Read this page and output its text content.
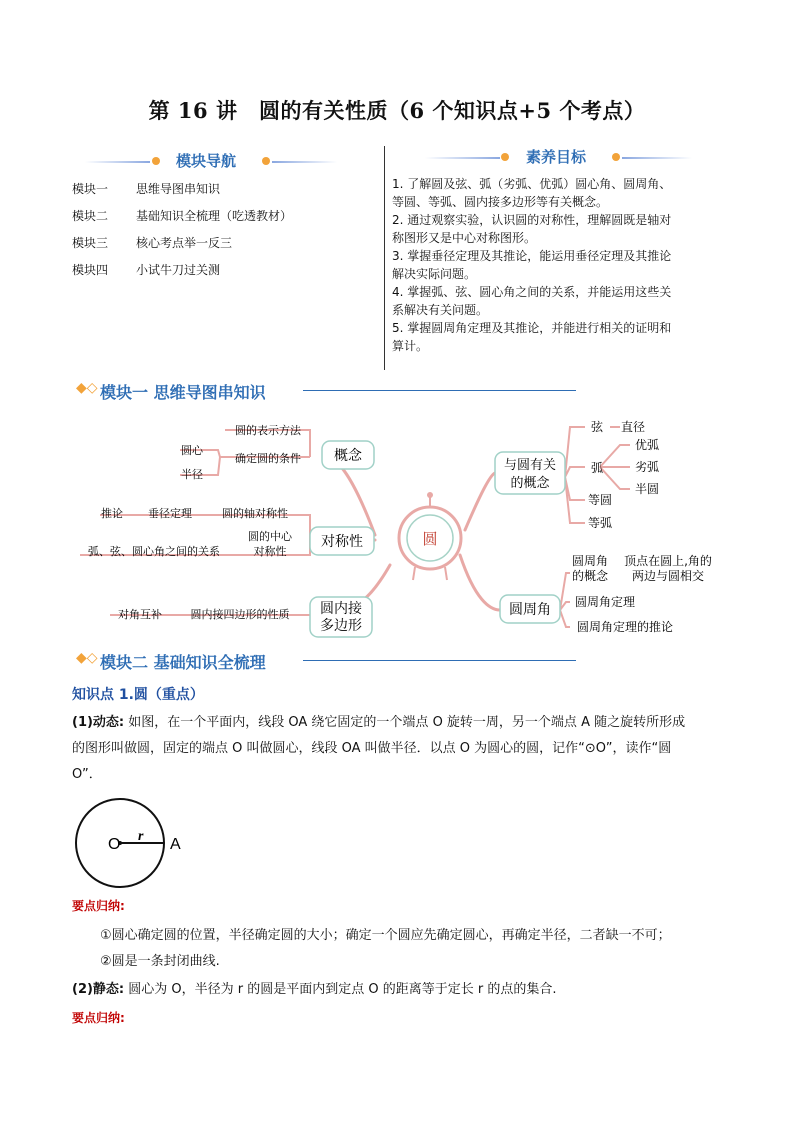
第 16 讲　圆的有关性质（6 个知识点+5 个考点）
模块导航
模块一 思维导图串知识
模块二 基础知识全梳理（吃透教材）
模块三 核心考点举一反三
模块四 小试牛刀过关测
素养目标
1. 了解圆及弦、弧（劣弧、优弧）圆心角、圆周角、
等圆、等弧、圆内接多边形等有关概念。
2. 通过观察实验，认识圆的对称性，理解圆既是轴对
称图形又是中心对称图形。
3. 掌握垂径定理及其推论，能运用垂径定理及其推论
解决实际问题。
4. 掌握弧、弦、圆心角之间的关系，并能运用这些关
系解决有关问题。
5. 掌握圆周角定理及其推论，并能进行相关的证明和
算计。
◆◇ 模块一 思维导图串知识
圆
概念
对称性
圆内接
多边形
圆的表示方法
确定圆的条件
圆心
半径
圆的轴对称性
圆的中心
对称性
垂径定理
推论
弧、弦、圆心角之间的关系
圆内接四边形的性质
对角互补
与圆有关
的概念
圆周角
弦
弧
等圆
等弧
直径
优弧
劣弧
半圆
圆周角
的概念
顶点在圆上,角的
两边与圆相交
圆周角定理
圆周角定理的推论
◆◇ 模块二 基础知识全梳理
知识点 1.圆（重点）
(1)动态: 如图，在一个平面内，线段 OA 绕它固定的一个端点 O 旋转一周，另一个端点 A 随之旋转所形成
的图形叫做圆，固定的端点 O 叫做圆心，线段 OA 叫做半径．以点 O 为圆心的圆，记作“⊙O”，读作“圆
O”．
O r A
要点归纳:
①圆心确定圆的位置，半径确定圆的大小；确定一个圆应先确定圆心，再确定半径，二者缺一不可；
②圆是一条封闭曲线.
(2)静态: 圆心为 O，半径为 r 的圆是平面内到定点 O 的距离等于定长 r 的点的集合.
要点归纳:
